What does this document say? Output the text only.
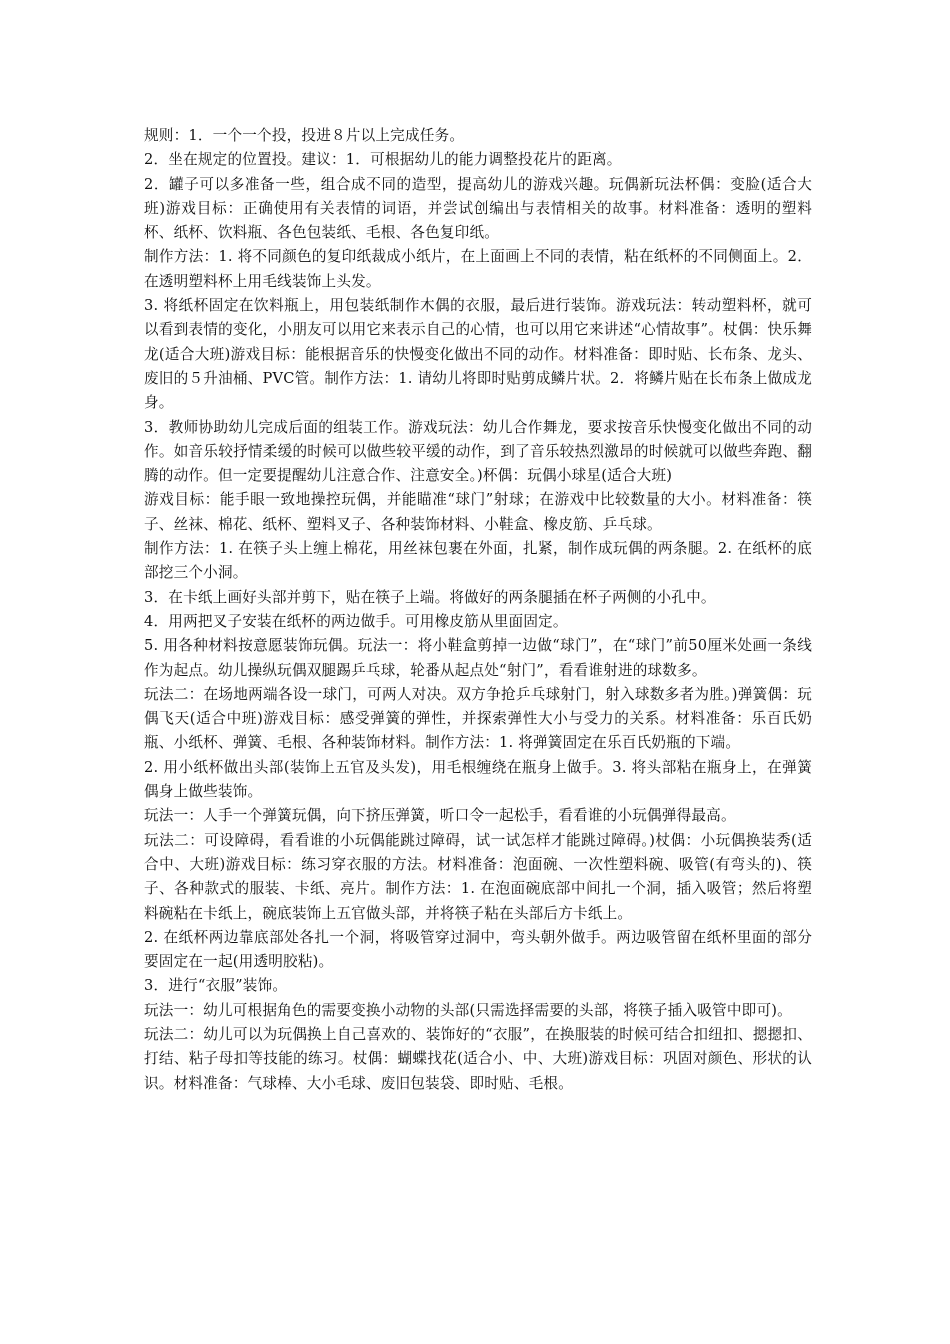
规则：1．一个一个投，投进８片以上完成任务。

2．坐在规定的位置投。建议：1．可根据幼儿的能力调整投花片的距离。

2．罐子可以多准备一些，组合成不同的造型，提高幼儿的游戏兴趣。玩偶新玩法杯偶：变脸(适合大班)游戏目标：正确使用有关表情的词语，并尝试创编出与表情相关的故事。材料准备：透明的塑料杯、纸杯、饮料瓶、各色包装纸、毛根、各色复印纸。

制作方法：1. 将不同颜色的复印纸裁成小纸片，在上面画上不同的表情，粘在纸杯的不同侧面上。2．在透明塑料杯上用毛线装饰上头发。

3. 将纸杯固定在饮料瓶上，用包装纸制作木偶的衣服，最后进行装饰。游戏玩法：转动塑料杯，就可以看到表情的变化，小朋友可以用它来表示自己的心情，也可以用它来讲述“心情故事”。杖偶：快乐舞龙(适合大班)游戏目标：能根据音乐的快慢变化做出不同的动作。材料准备：即时贴、长布条、龙头、废旧的５升油桶、PVC管。制作方法：1. 请幼儿将即时贴剪成鳞片状。2．将鳞片贴在长布条上做成龙身。

3．教师协助幼儿完成后面的组装工作。游戏玩法：幼儿合作舞龙，要求按音乐快慢变化做出不同的动作。如音乐较抒情柔缓的时候可以做些较平缓的动作，到了音乐较热烈激昂的时候就可以做些奔跑、翻腾的动作。但一定要提醒幼儿注意合作、注意安全。)杯偶：玩偶小球星(适合大班)

游戏目标：能手眼一致地操控玩偶，并能瞄准“球门”射球；在游戏中比较数量的大小。材料准备：筷子、丝袜、棉花、纸杯、塑料叉子、各种装饰材料、小鞋盒、橡皮筋、乒乓球。

制作方法：1. 在筷子头上缠上棉花，用丝袜包裹在外面，扎紧，制作成玩偶的两条腿。2. 在纸杯的底部挖三个小洞。

3．在卡纸上画好头部并剪下，贴在筷子上端。将做好的两条腿插在杯子两侧的小孔中。

4．用两把叉子安装在纸杯的两边做手。可用橡皮筋从里面固定。

5. 用各种材料按意愿装饰玩偶。玩法一：将小鞋盒剪掉一边做“球门”，在“球门”前50厘米处画一条线作为起点。幼儿操纵玩偶双腿踢乒乓球，轮番从起点处“射门”，看看谁射进的球数多。

玩法二：在场地两端各设一球门，可两人对决。双方争抢乒乓球射门，射入球数多者为胜。)弹簧偶：玩偶飞天(适合中班)游戏目标：感受弹簧的弹性，并探索弹性大小与受力的关系。材料准备：乐百氏奶瓶、小纸杯、弹簧、毛根、各种装饰材料。制作方法：1. 将弹簧固定在乐百氏奶瓶的下端。

2. 用小纸杯做出头部(装饰上五官及头发)，用毛根缠绕在瓶身上做手。3. 将头部粘在瓶身上，在弹簧偶身上做些装饰。

玩法一：人手一个弹簧玩偶，向下挤压弹簧，听口令一起松手，看看谁的小玩偶弹得最高。

玩法二：可设障碍，看看谁的小玩偶能跳过障碍，试一试怎样才能跳过障碍。)杖偶：小玩偶换装秀(适合中、大班)游戏目标：练习穿衣服的方法。材料准备：泡面碗、一次性塑料碗、吸管(有弯头的)、筷子、各种款式的服装、卡纸、亮片。制作方法：1. 在泡面碗底部中间扎一个洞，插入吸管；然后将塑料碗粘在卡纸上，碗底装饰上五官做头部，并将筷子粘在头部后方卡纸上。

2. 在纸杯两边靠底部处各扎一个洞，将吸管穿过洞中，弯头朝外做手。两边吸管留在纸杯里面的部分要固定在一起(用透明胶粘)。

3．进行“衣服”装饰。

玩法一：幼儿可根据角色的需要变换小动物的头部(只需选择需要的头部，将筷子插入吸管中即可)。

玩法二：幼儿可以为玩偶换上自己喜欢的、装饰好的“衣服”，在换服装的时候可结合扣纽扣、摁摁扣、打结、粘子母扣等技能的练习。杖偶：蝴蝶找花(适合小、中、大班)游戏目标：巩固对颜色、形状的认识。材料准备：气球棒、大小毛球、废旧包装袋、即时贴、毛根。
